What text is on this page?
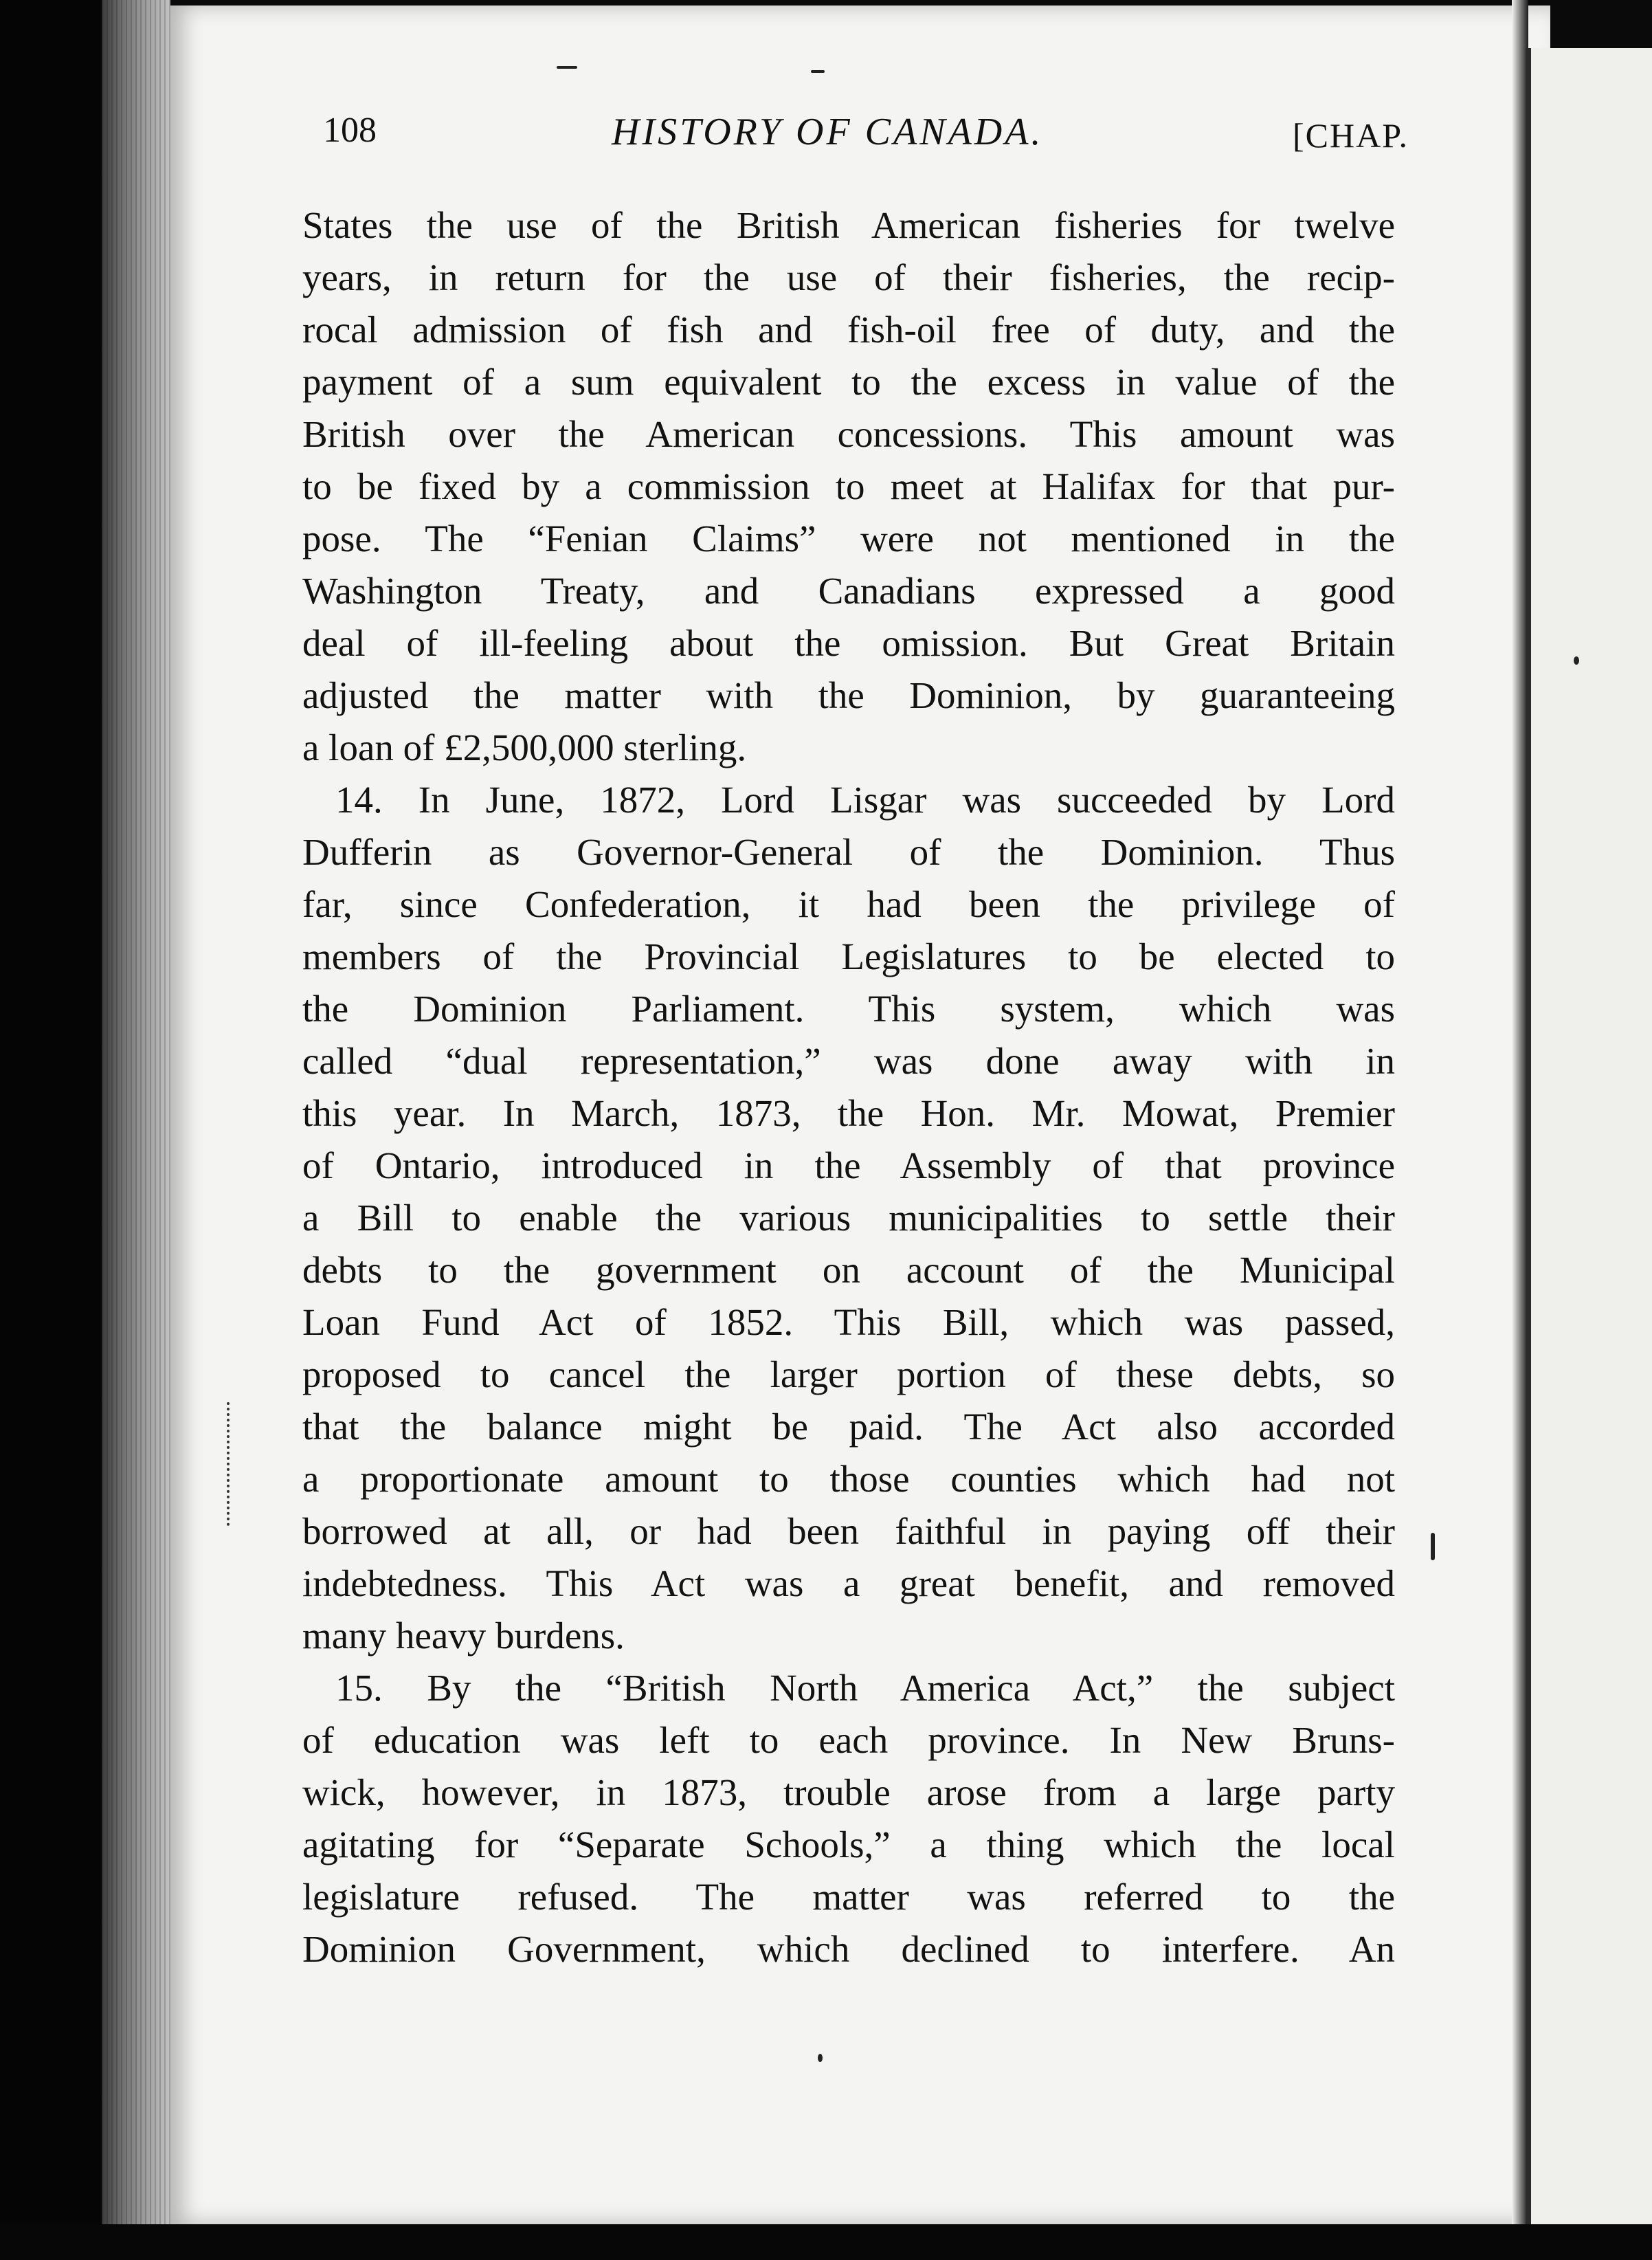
108	HISTORY OF CANADA.	[CHAP.
States the use of the British American fisheries for twelve
years, in return for the use of their fisheries, the recip-
rocal admission of fish and fish-oil free of duty, and the
payment of a sum equivalent to the excess in value of the
British over the American concessions. This amount was
to be fixed by a commission to meet at Halifax for that pur-
pose. The “Fenian Claims” were not mentioned in the
Washington Treaty, and Canadians expressed a good
deal of ill-feeling about the omission. But Great Britain
adjusted the matter with the Dominion, by guaranteeing
a loan of £2,500,000 sterling.
14. In June, 1872, Lord Lisgar was succeeded by Lord
Dufferin as Governor-General of the Dominion. Thus
far, since Confederation, it had been the privilege of
members of the Provincial Legislatures to be elected to
the Dominion Parliament. This system, which was
called “dual representation,” was done away with in
this year. In March, 1873, the Hon. Mr. Mowat, Premier
of Ontario, introduced in the Assembly of that province
a Bill to enable the various municipalities to settle their
debts to the government on account of the Municipal
Loan Fund Act of 1852. This Bill, which was passed,
proposed to cancel the larger portion of these debts, so
that the balance might be paid. The Act also accorded
a proportionate amount to those counties which had not
borrowed at all, or had been faithful in paying off their
indebtedness. This Act was a great benefit, and removed
many heavy burdens.
15. By the “British North America Act,” the subject
of education was left to each province. In New Bruns-
wick, however, in 1873, trouble arose from a large party
agitating for “Separate Schools,” a thing which the local
legislature refused. The matter was referred to the
Dominion Government, which declined to interfere. An
